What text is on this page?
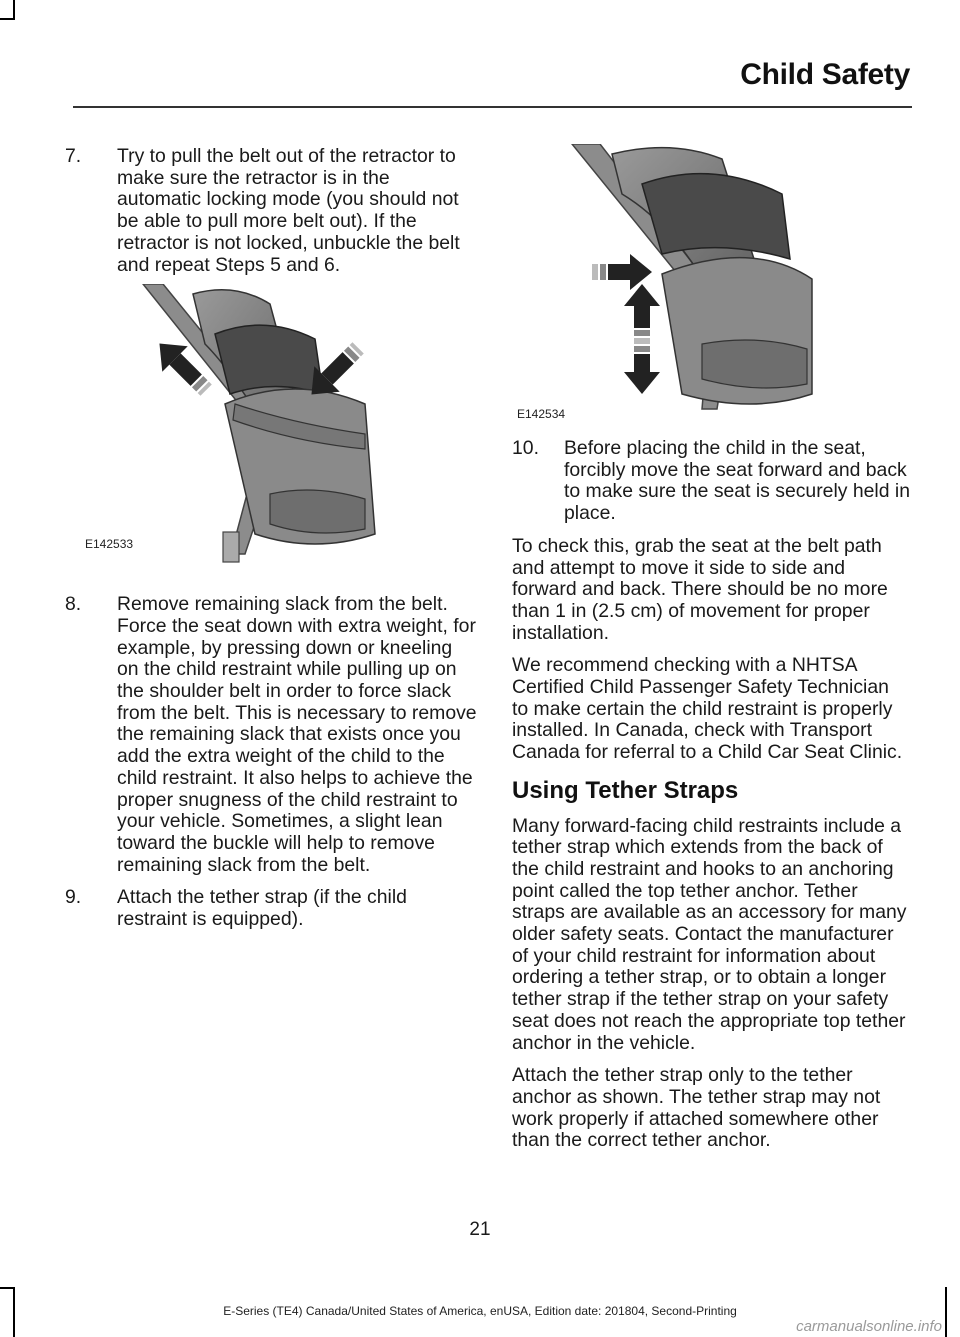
Child Safety
7. Try to pull the belt out of the retractor to make sure the retractor is in the automatic locking mode (you should not be able to pull more belt out). If the retractor is not locked, unbuckle the belt and repeat Steps 5 and 6.

E142533
8. Remove remaining slack from the belt. Force the seat down with extra weight, for example, by pressing down or kneeling on the child restraint while pulling up on the shoulder belt in order to force slack from the belt. This is necessary to remove the remaining slack that exists once you add the extra weight of the child to the child restraint. It also helps to achieve the proper snugness of the child restraint to your vehicle. Sometimes, a slight lean toward the buckle will help to remove remaining slack from the belt.

9. Attach the tether strap (if the child restraint is equipped).

E142534
10. Before placing the child in the seat, forcibly move the seat forward and back to make sure the seat is securely held in place.

To check this, grab the seat at the belt path and attempt to move it side to side and forward and back. There should be no more than 1 in (2.5 cm) of movement for proper installation.

We recommend checking with a NHTSA Certified Child Passenger Safety Technician to make certain the child restraint is properly installed. In Canada, check with Transport Canada for referral to a Child Car Seat Clinic.

Using Tether Straps

Many forward-facing child restraints include a tether strap which extends from the back of the child restraint and hooks to an anchoring point called the top tether anchor. Tether straps are available as an accessory for many older safety seats. Contact the manufacturer of your child restraint for information about ordering a tether strap, or to obtain a longer tether strap if the tether strap on your safety seat does not reach the appropriate top tether anchor in the vehicle.

Attach the tether strap only to the tether anchor as shown. The tether strap may not work properly if attached somewhere other than the correct tether anchor.

21
E-Series (TE4) Canada/United States of America, enUSA, Edition date: 201804, Second-Printing
carmanualsonline.info
